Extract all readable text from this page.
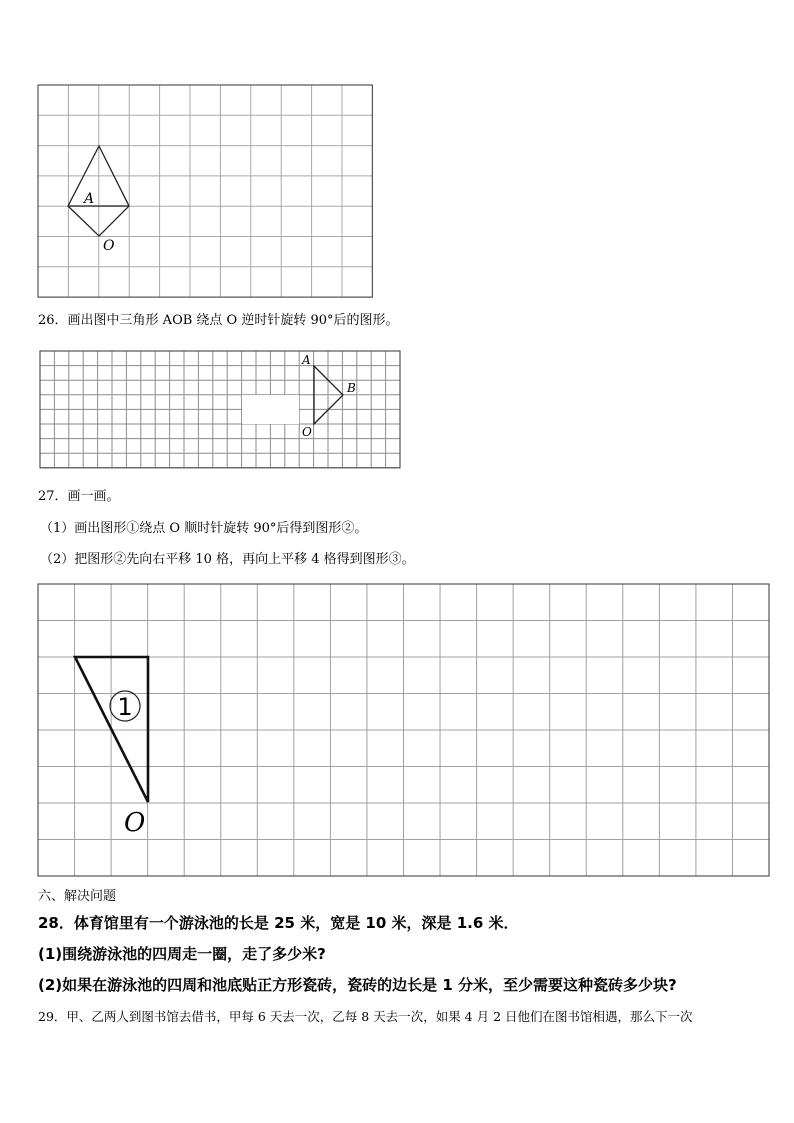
A
O
26．画出图中三角形 AOB 绕点 O 逆时针旋转 90°后的图形。
A
B
O
27．画一画。
（1）画出图形①绕点 O 顺时针旋转 90°后得到图形②。
（2）把图形②先向右平移 10 格，再向上平移 4 格得到图形③。
1
O
六、解决问题
28．体育馆里有一个游泳池的长是 25 米，宽是 10 米，深是 1.6 米．
(1)围绕游泳池的四周走一圈，走了多少米?
(2)如果在游泳池的四周和池底贴正方形瓷砖，瓷砖的边长是 1 分米，至少需要这种瓷砖多少块?
29．甲、乙两人到图书馆去借书，甲每 6 天去一次，乙每 8 天去一次，如果 4 月 2 日他们在图书馆相遇，那么下一次
